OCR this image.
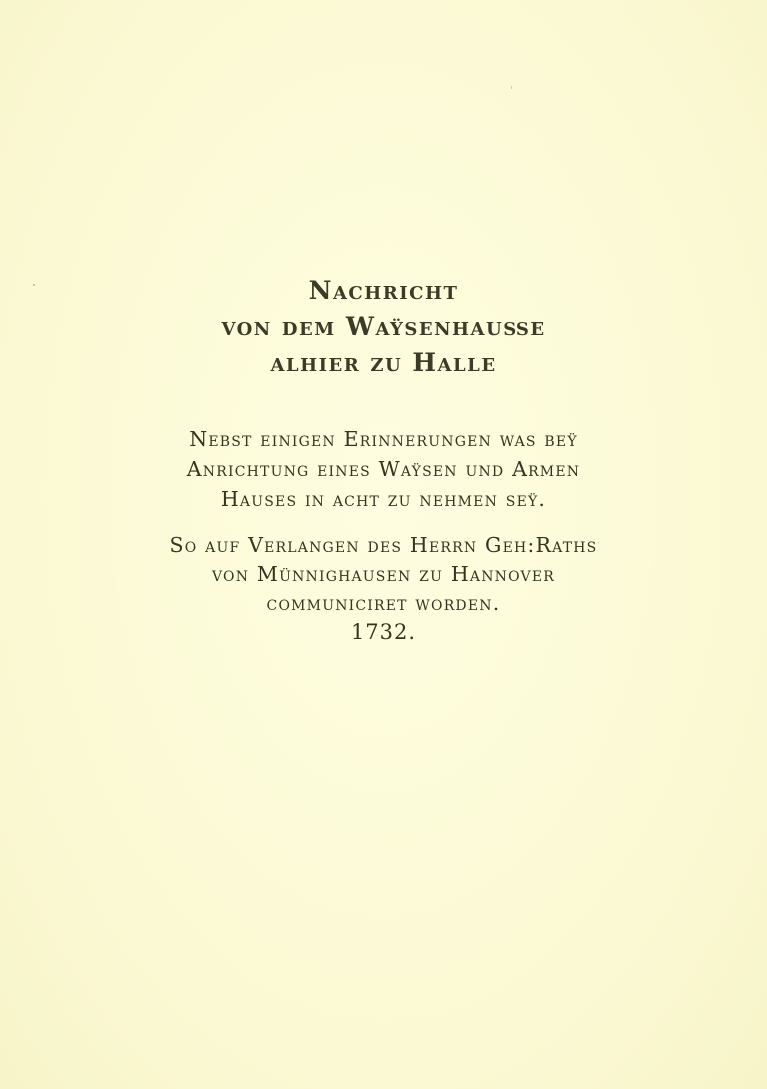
Nachricht
von dem Waÿsenhauße
alhier zu Halle
Nebst einigen Erinnerungen was beÿ
Anrichtung eines Waÿsen und Armen
Hauses in acht zu nehmen seÿ.
So auf Verlangen des Herrn Geh:Raths
von Münnighausen zu Hannover
communiciret worden.
1732.
